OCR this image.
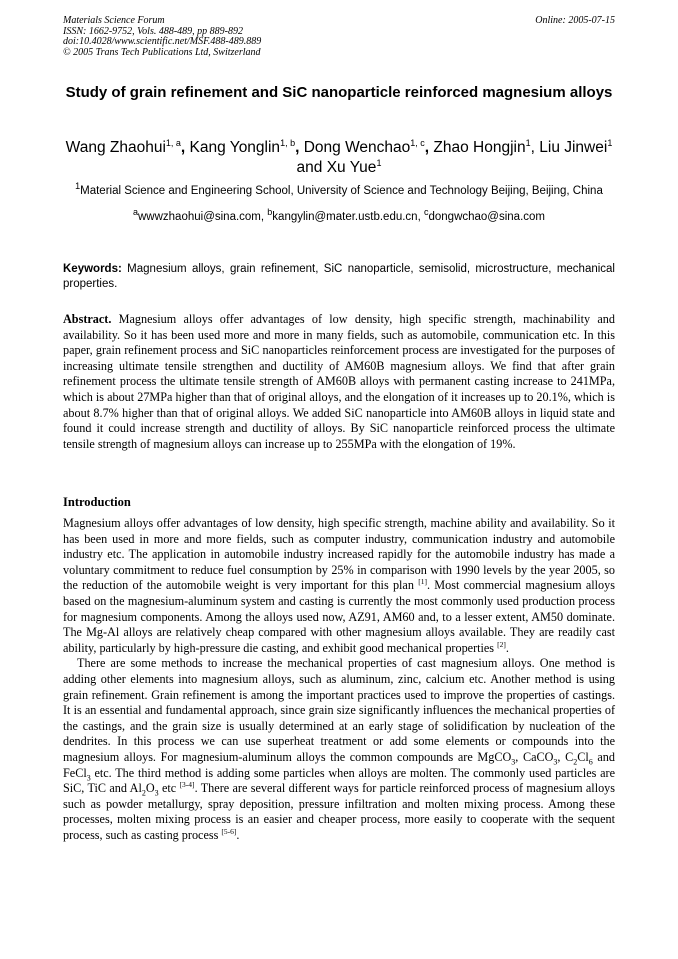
Materials Science Forum
ISSN: 1662-9752, Vols. 488-489, pp 889-892
doi:10.4028/www.scientific.net/MSF.488-489.889
© 2005 Trans Tech Publications Ltd, Switzerland
Online: 2005-07-15
Study of grain refinement and SiC nanoparticle reinforced magnesium alloys
Wang Zhaohui$^{1, a}$, Kang Yonglin$^{1, b}$, Dong Wenchao$^{1, c}$, Zhao Hongjin$^1$, Liu Jinwei$^1$ and Xu Yue$^1$
$^1$Material Science and Engineering School, University of Science and Technology Beijing, Beijing, China
$^a$wwwzhaohui@sina.com, $^b$kangylin@mater.ustb.edu.cn, $^c$dongwchao@sina.com
Keywords: Magnesium alloys, grain refinement, SiC nanoparticle, semisolid, microstructure, mechanical properties.
Abstract. Magnesium alloys offer advantages of low density, high specific strength, machinability and availability. So it has been used more and more in many fields, such as automobile, communication etc. In this paper, grain refinement process and SiC nanoparticles reinforcement process are investigated for the purposes of increasing ultimate tensile strengthen and ductility of AM60B magnesium alloys. We find that after grain refinement process the ultimate tensile strength of AM60B alloys with permanent casting increase to 241MPa, which is about 27MPa higher than that of original alloys, and the elongation of it increases up to 20.1%, which is about 8.7% higher than that of original alloys. We added SiC nanoparticle into AM60B alloys in liquid state and found it could increase strength and ductility of alloys. By SiC nanoparticle reinforced process the ultimate tensile strength of magnesium alloys can increase up to 255MPa with the elongation of 19%.
Introduction

Magnesium alloys offer advantages of low density, high specific strength, machine ability and availability. So it has been used in more and more fields, such as computer industry, communication industry and automobile industry etc. The application in automobile industry increased rapidly for the automobile industry has made a voluntary commitment to reduce fuel consumption by 25% in comparison with 1990 levels by the year 2005, so the reduction of the automobile weight is very important for this plan [1]. Most commercial magnesium alloys based on the magnesium-aluminum system and casting is currently the most commonly used production process for magnesium components. Among the alloys used now, AZ91, AM60 and, to a lesser extent, AM50 dominate. The Mg-Al alloys are relatively cheap compared with other magnesium alloys available. They are readily cast ability, particularly by high-pressure die casting, and exhibit good mechanical properties [2].

There are some methods to increase the mechanical properties of cast magnesium alloys. One method is adding other elements into magnesium alloys, such as aluminum, zinc, calcium etc. Another method is using grain refinement. Grain refinement is among the important practices used to improve the properties of castings. It is an essential and fundamental approach, since grain size significantly influences the mechanical properties of the castings, and the grain size is usually determined at an early stage of solidification by nucleation of the dendrites. In this process we can use superheat treatment or add some elements or compounds into the magnesium alloys. For magnesium-aluminum alloys the common compounds are MgCO$_3$, CaCO$_3$, $C_2Cl_6$ and FeCl$_3$ etc. The third method is adding some particles when alloys are molten. The commonly used particles are SiC, TiC and $Al_2O_3$ etc [3-4]. There are several different ways for particle reinforced process of magnesium alloys such as powder metallurgy, spray deposition, pressure infiltration and molten mixing process. Among these processes, molten mixing process is an easier and cheaper process, more easily to cooperate with the sequent process, such as casting process [5-6].
